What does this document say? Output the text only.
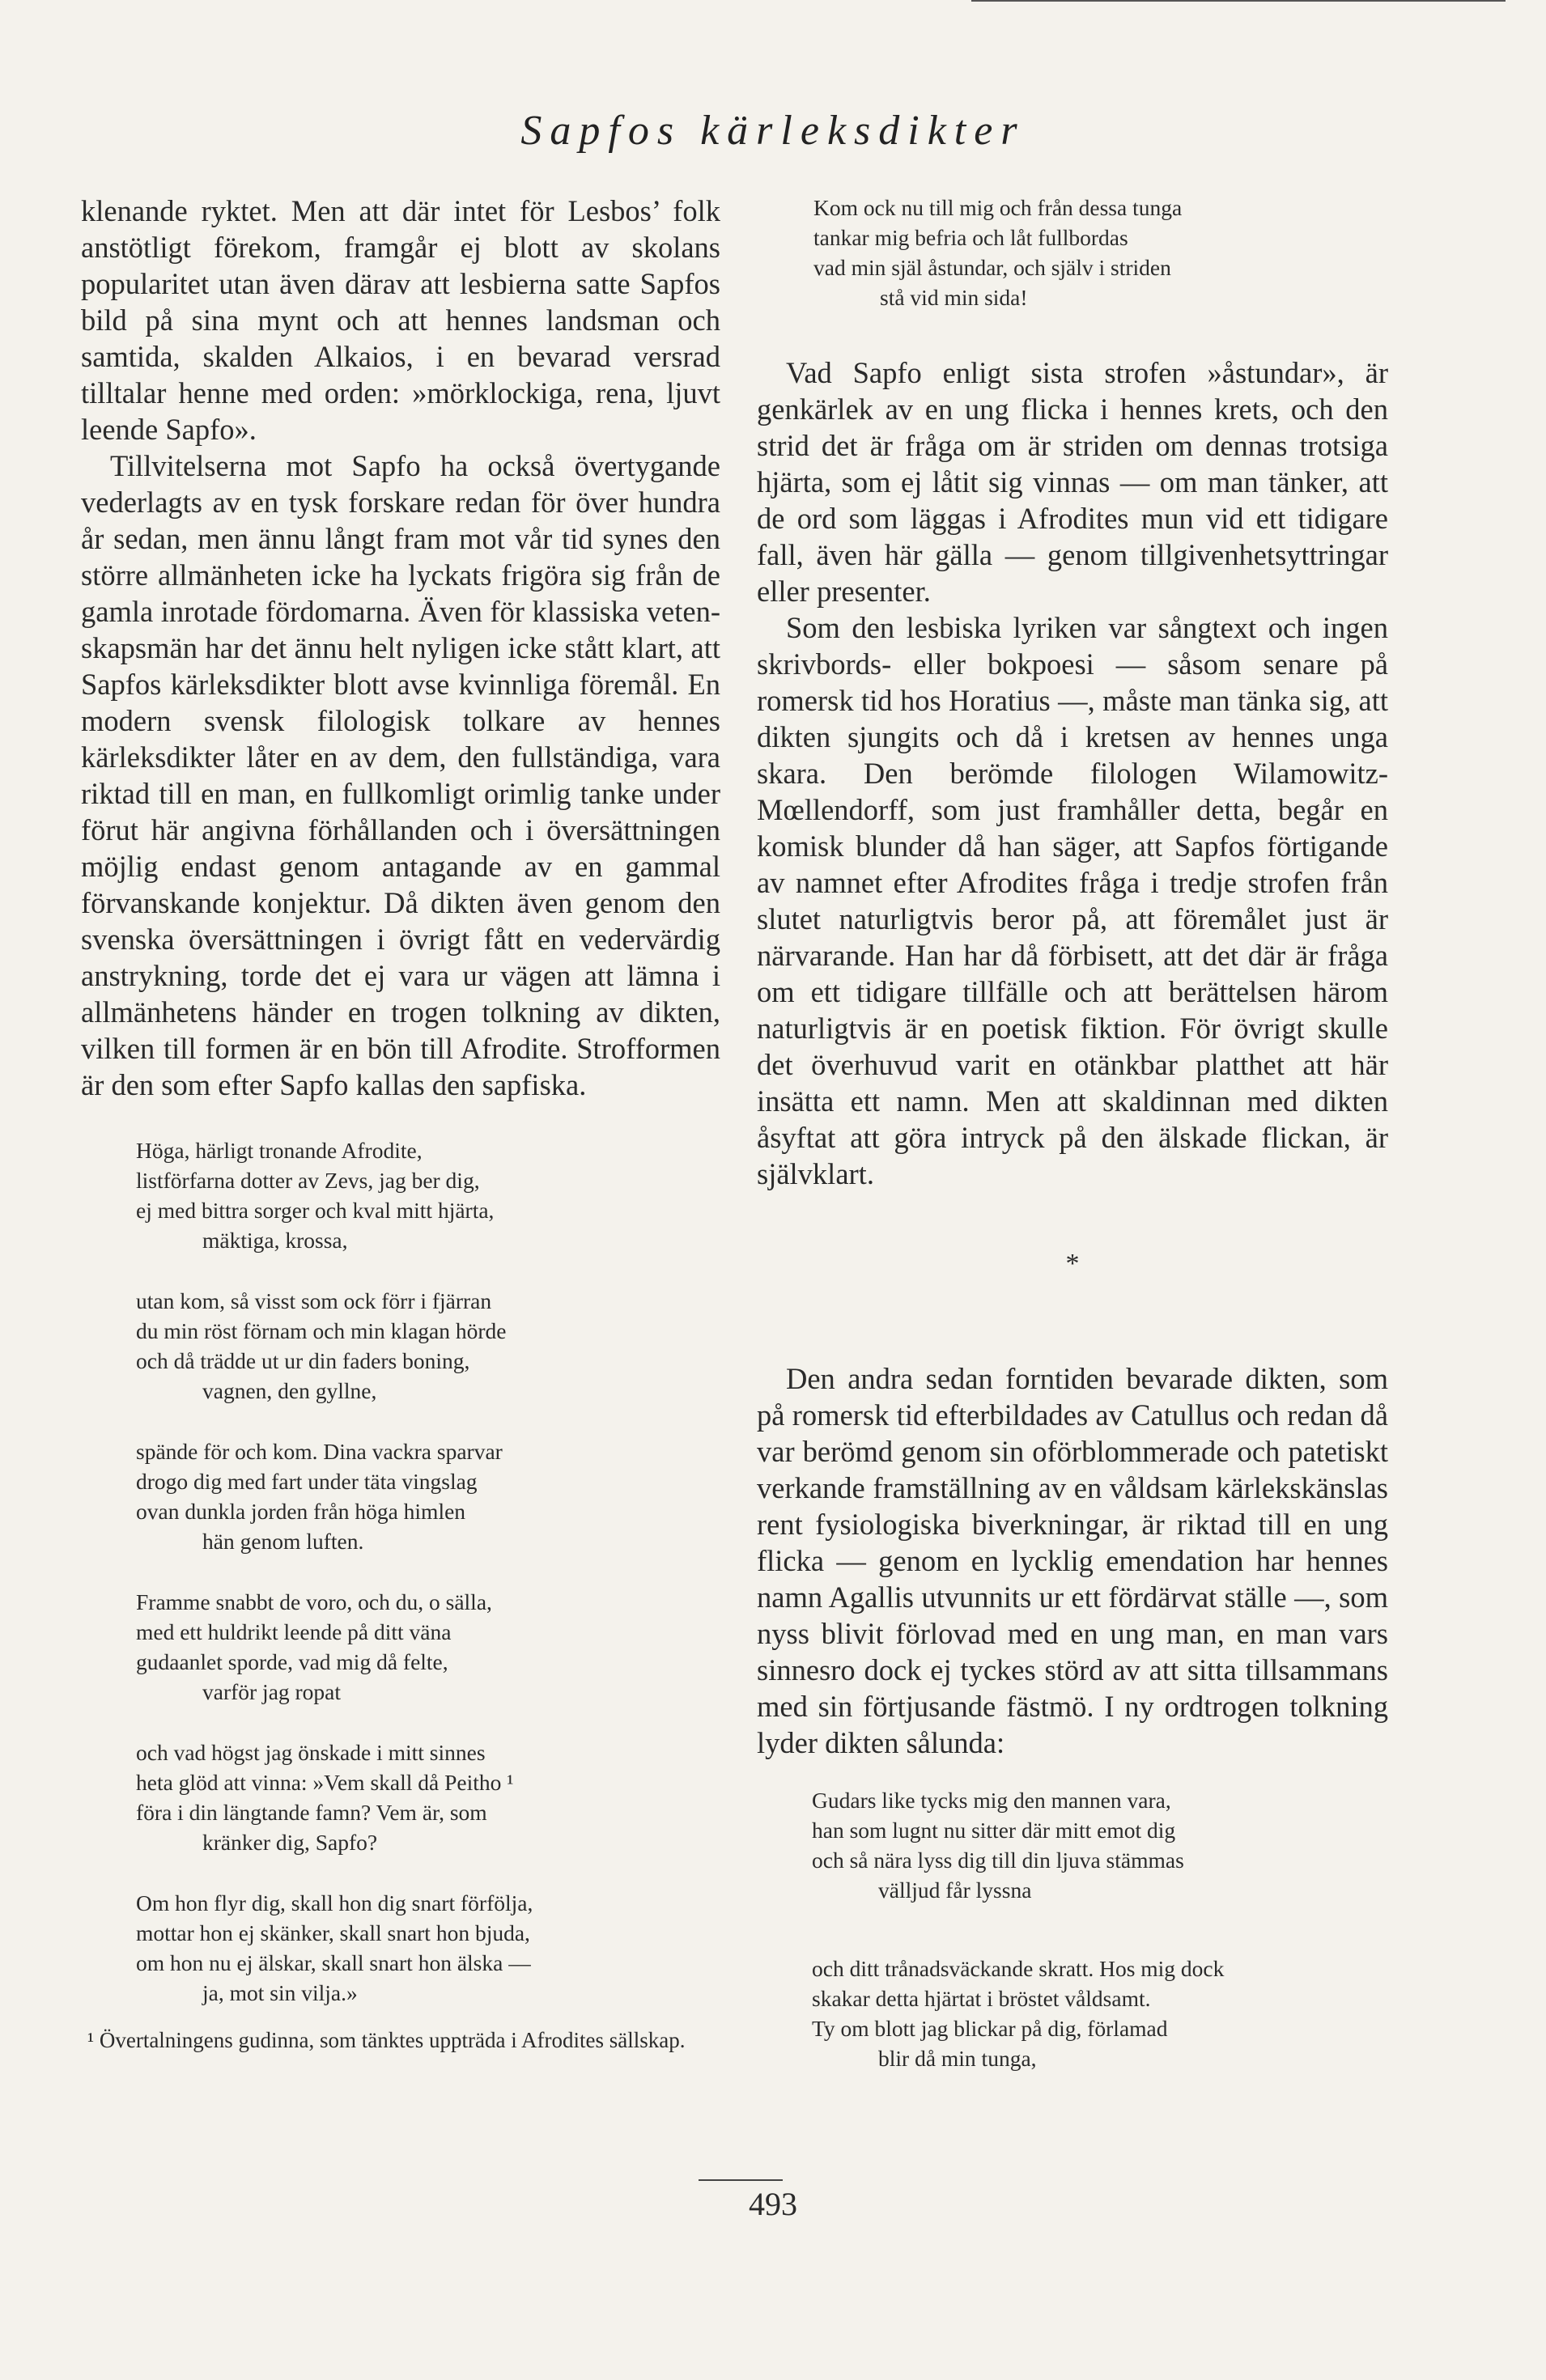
Sapfos kärleksdikter

klenande ryktet. Men att där intet för Lesbos’ folk anstötligt förekom, framgår ej blott av skolans popularitet utan även därav att lesbierna satte Sapfos bild på sina mynt och att hennes landsman och samtida, skalden Alkaios, i en bevarad versrad tilltalar henne med orden: »mörklockiga, rena, ljuvt leende Sapfo».

Tillvitelserna mot Sapfo ha också övertygande vederlagts av en tysk forskare redan för över hundra år sedan, men ännu långt fram mot vår tid synes den större allmänheten icke ha lyckats frigöra sig från de gamla inrotade fördomarna. Även för klassiska vetenskapsmän har det ännu helt nyligen icke stått klart, att Sapfos kärleksdikter blott avse kvinnliga föremål. En modern svensk filologisk tolkare av hennes kärleksdikter låter en av dem, den fullständiga, vara riktad till en man, en fullkomligt orimlig tanke under förut här angivna förhållanden och i översättningen möjlig endast genom antagande av en gammal förvanskande konjektur. Då dikten även genom den svenska översättningen i övrigt fått en vedervärdig anstrykning, torde det ej vara ur vägen att lämna i allmänhetens händer en trogen tolkning av dikten, vilken till formen är en bön till Afrodite. Strofformen är den som efter Sapfo kallas den sapfiska.

Höga, härligt tronande Afrodite,
listförfarna dotter av Zevs, jag ber dig,
ej med bittra sorger och kval mitt hjärta,
mäktiga, krossa,
utan kom, så visst som ock förr i fjärran
du min röst förnam och min klagan hörde
och då trädde ut ur din faders boning,
vagnen, den gyllne,
spände för och kom. Dina vackra sparvar
drogo dig med fart under täta vingslag
ovan dunkla jorden från höga himlen
hän genom luften.
Framme snabbt de voro, och du, o sälla,
med ett huldrikt leende på ditt väna
gudaanlet sporde, vad mig då felte,
varför jag ropat
och vad högst jag önskade i mitt sinnes
heta glöd att vinna: »Vem skall då Peitho ¹
föra i din längtande famn? Vem är, som
kränker dig, Sapfo?
Om hon flyr dig, skall hon dig snart förfölja,
mottar hon ej skänker, skall snart hon bjuda,
om hon nu ej älskar, skall snart hon älska —
ja, mot sin vilja.»
¹ Övertalningens gudinna, som tänktes uppträda i Afrodites sällskap.
Kom ock nu till mig och från dessa tunga
tankar mig befria och låt fullbordas
vad min själ åstundar, och själv i striden
stå vid min sida!

Vad Sapfo enligt sista strofen »åstundar», är genkärlek av en ung flicka i hennes krets, och den strid det är fråga om är striden om dennas trotsiga hjärta, som ej låtit sig vinnas — om man tänker, att de ord som läggas i Afrodites mun vid ett tidigare fall, även här gälla — genom tillgivenhetsyttringar eller presenter.

Som den lesbiska lyriken var sångtext och ingen skrivbords- eller bokpoesi — såsom senare på romersk tid hos Horatius —, måste man tänka sig, att dikten sjungits och då i kretsen av hennes unga skara. Den berömde filologen Wilamowitz-Mœllendorff, som just framhåller detta, begår en komisk blunder då han säger, att Sapfos förtigande av namnet efter Afrodites fråga i tredje strofen från slutet naturligtvis beror på, att föremålet just är närvarande. Han har då förbisett, att det där är fråga om ett tidigare tillfälle och att berättelsen härom naturligtvis är en poetisk fiktion. För övrigt skulle det överhuvud varit en otänkbar platthet att här insätta ett namn. Men att skaldinnan med dikten åsyftat att göra intryck på den älskade flickan, är självklart.

*

Den andra sedan forntiden bevarade dikten, som på romersk tid efterbildades av Catullus och redan då var berömd genom sin oförblommerade och patetiskt verkande framställning av en våldsam kärlekskänslas rent fysiologiska biverkningar, är riktad till en ung flicka — genom en lycklig emendation har hennes namn Agallis utvunnits ur ett fördärvat ställe —, som nyss blivit förlovad med en ung man, en man vars sinnesro dock ej tyckes störd av att sitta tillsammans med sin förtjusande fästmö. I ny ordtrogen tolkning lyder dikten sålunda:

Gudars like tycks mig den mannen vara,
han som lugnt nu sitter där mitt emot dig
och så nära lyss dig till din ljuva stämmas
välljud får lyssna
och ditt trånadsväckande skratt. Hos mig dock
skakar detta hjärtat i bröstet våldsamt.
Ty om blott jag blickar på dig, förlamad
blir då min tunga,
493
